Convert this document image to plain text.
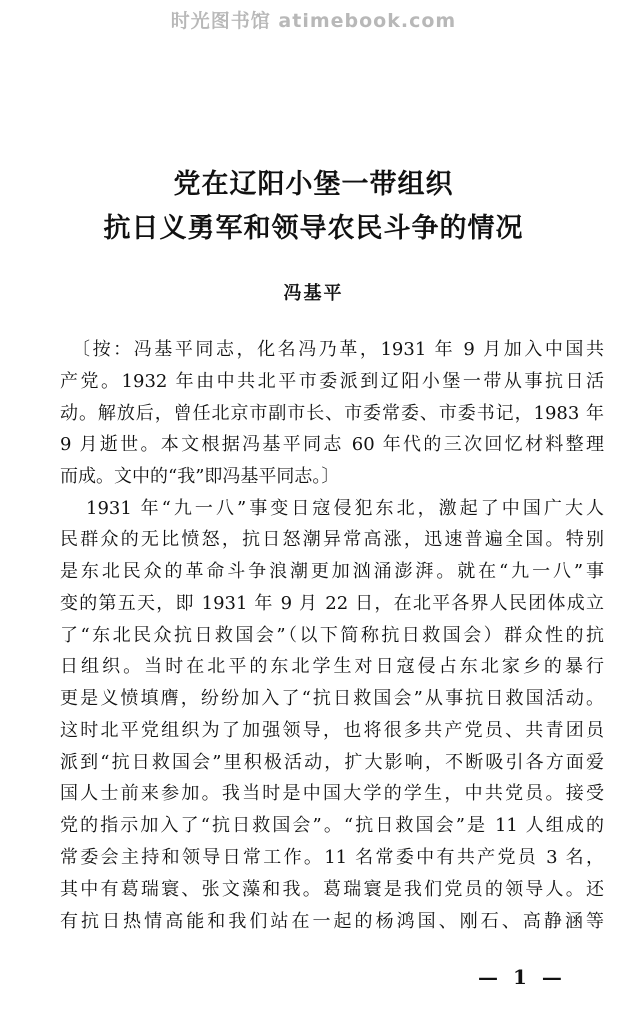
时光图书馆 atimebook.com
党在辽阳小堡一带组织
抗日义勇军和领导农民斗争的情况
冯基平
〔按：冯基平同志，化名冯乃革，1931 年 9 月加入中国共
产党。1932 年由中共北平市委派到辽阳小堡一带从事抗日活
动。解放后，曾任北京市副市长、市委常委、市委书记，1983 年
9 月逝世。本文根据冯基平同志 60 年代的三次回忆材料整理
而成。文中的“我”即冯基平同志。〕
1931 年“九一八”事变日寇侵犯东北，激起了中国广大人
民群众的无比愤怒，抗日怒潮异常高涨，迅速普遍全国。特别
是东北民众的革命斗争浪潮更加汹涌澎湃。就在“九一八”事
变的第五天，即 1931 年 9 月 22 日，在北平各界人民团体成立
了“东北民众抗日救国会”（以下简称抗日救国会）群众性的抗
日组织。当时在北平的东北学生对日寇侵占东北家乡的暴行
更是义愤填膺，纷纷加入了“抗日救国会”从事抗日救国活动。
这时北平党组织为了加强领导，也将很多共产党员、共青团员
派到“抗日救国会”里积极活动，扩大影响，不断吸引各方面爱
国人士前来参加。我当时是中国大学的学生，中共党员。接受
党的指示加入了“抗日救国会”。“抗日救国会”是 11 人组成的
常委会主持和领导日常工作。11 名常委中有共产党员 3 名，
其中有葛瑞寰、张文藻和我。葛瑞寰是我们党员的领导人。还
有抗日热情高能和我们站在一起的杨鸿国、刚石、高静涵等
— 1 —
